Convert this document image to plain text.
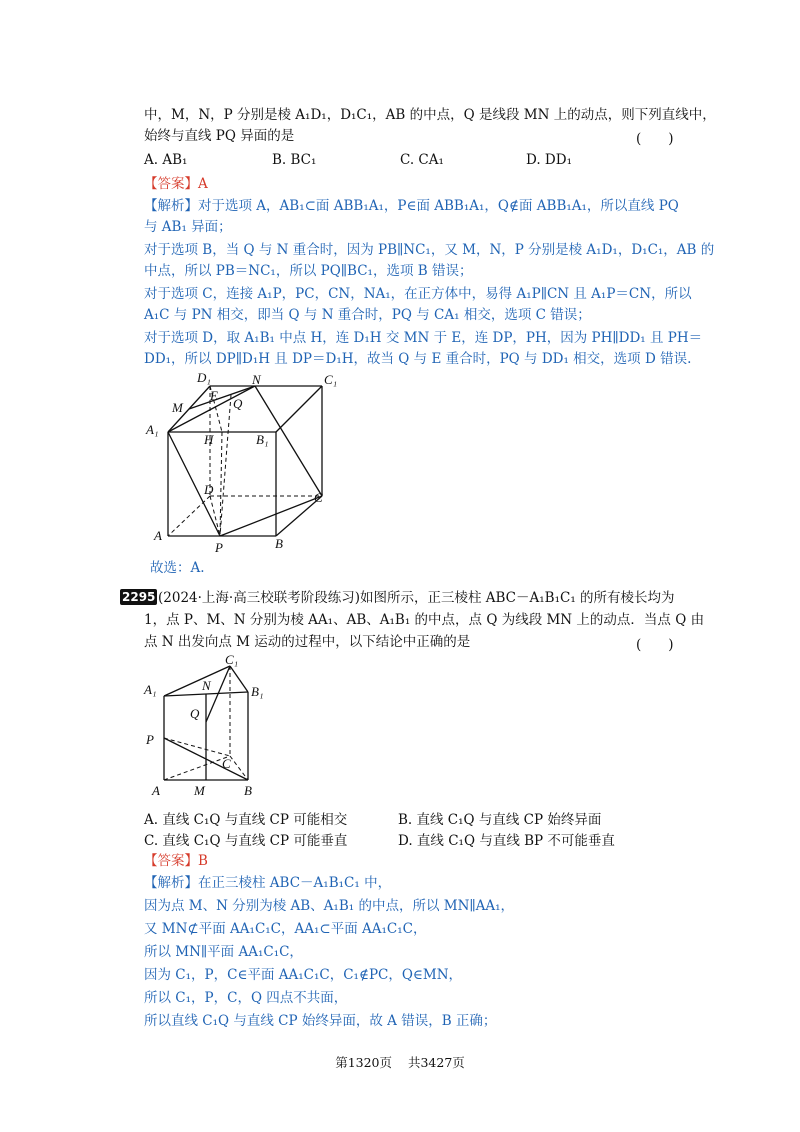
中，M，N，P 分别是棱 A₁D₁，D₁C₁，AB 的中点，Q 是线段 MN 上的动点，则下列直线中，
始终与直线 PQ 异面的是	(　　)
A. AB₁	B. BC₁	C. CA₁	D. DD₁
【答案】A
【解析】对于选项 A，AB₁⊂面 ABB₁A₁，P∈面 ABB₁A₁，Q∉面 ABB₁A₁，所以直线 PQ
与 AB₁ 异面；
对于选项 B，当 Q 与 N 重合时，因为 PB∥NC₁，又 M，N，P 分别是棱 A₁D₁，D₁C₁，AB 的
中点，所以 PB＝NC₁，所以 PQ∥BC₁，选项 B 错误；
对于选项 C，连接 A₁P，PC，CN，NA₁，在正方体中，易得 A₁P∥CN 且 A₁P＝CN，所以
A₁C 与 PN 相交，即当 Q 与 N 重合时，PQ 与 CA₁ 相交，选项 C 错误；
对于选项 D，取 A₁B₁ 中点 H，连 D₁H 交 MN 于 E，连 DP，PH，因为 PH∥DD₁ 且 PH＝
DD₁，所以 DP∥D₁H 且 DP＝D₁H，故当 Q 与 E 重合时，PQ 与 DD₁ 相交，选项 D 错误.
D₁	N	C₁
E
Q
M
A₁
H	B₁
D
C
A
P	B
故选：A.
2295 (2024·上海·高三校联考阶段练习)如图所示，正三棱柱 ABC－A₁B₁C₁ 的所有棱长均为
1，点 P、M、N 分别为棱 AA₁、AB、A₁B₁ 的中点，点 Q 为线段 MN 上的动点．当点 Q 由
点 N 出发向点 M 运动的过程中，以下结论中正确的是	(　　)
C₁
A₁	N	B₁
Q
P
C
A	M	B
A. 直线 C₁Q 与直线 CP 可能相交	B. 直线 C₁Q 与直线 CP 始终异面
C. 直线 C₁Q 与直线 CP 可能垂直	D. 直线 C₁Q 与直线 BP 不可能垂直
【答案】B
【解析】在正三棱柱 ABC－A₁B₁C₁ 中，
因为点 M、N 分别为棱 AB、A₁B₁ 的中点，所以 MN∥AA₁，
又 MN⊄平面 AA₁C₁C，AA₁⊂平面 AA₁C₁C，
所以 MN∥平面 AA₁C₁C，
因为 C₁，P，C∈平面 AA₁C₁C，C₁∉PC，Q∈MN，
所以 C₁，P，C，Q 四点不共面，
所以直线 C₁Q 与直线 CP 始终异面，故 A 错误，B 正确；
第1320页 共3427页
